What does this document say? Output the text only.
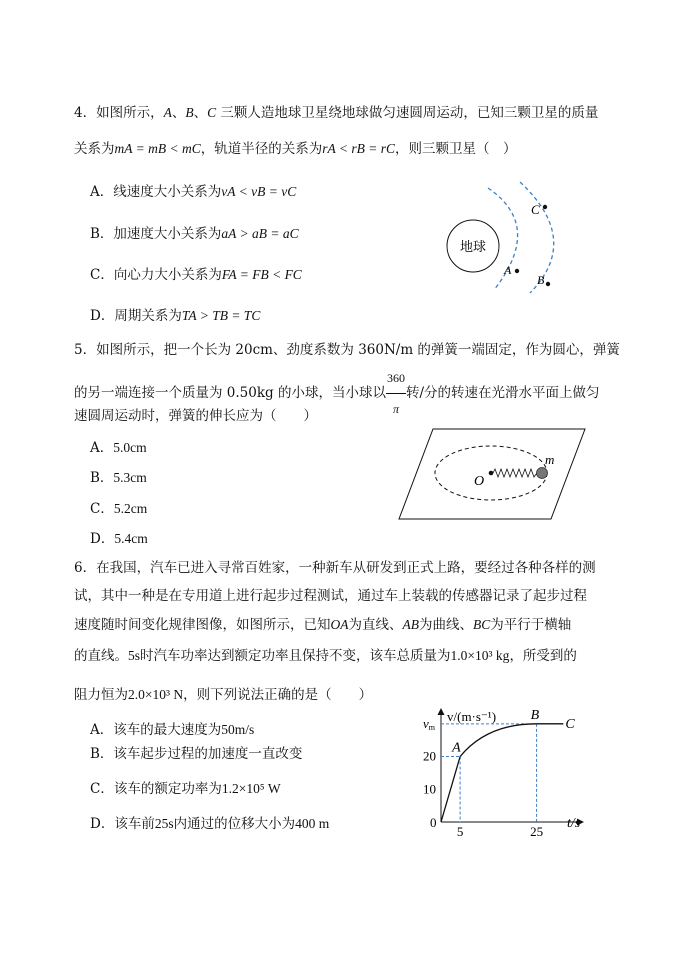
4．如图所示，A、B、C 三颗人造地球卫星绕地球做匀速圆周运动，已知三颗卫星的质量
关系为mA = mB < mC，轨道半径的关系为rA < rB = rC，则三颗卫星（　）
A．线速度大小关系为vA < vB = vC
B．加速度大小关系为aA > aB = aC
C．向心力大小关系为FA = FB < FC
D．周期关系为TA > TB = TC
地球
A
B
C
5．如图所示，把一个长为 20cm、劲度系数为 360N/m 的弹簧一端固定，作为圆心，弹簧
的另一端连接一个质量为 0.50kg 的小球，当小球以 $\frac{360}{\pi}$ 转/分的转速在光滑水平面上做匀
速圆周运动时，弹簧的伸长应为（　　）
A．5.0cm
B．5.3cm
C．5.2cm
D．5.4cm
O
m
6．在我国，汽车已进入寻常百姓家，一种新车从研发到正式上路，要经过各种各样的测
试，其中一种是在专用道上进行起步过程测试，通过车上装载的传感器记录了起步过程
速度随时间变化规律图像，如图所示，已知OA为直线、AB为曲线、BC为平行于横轴
的直线。5s时汽车功率达到额定功率且保持不变，该车总质量为1.0×10³ kg，所受到的
阻力恒为2.0×10³ N，则下列说法正确的是（　　）
A．该车的最大速度为50m/s
B．该车起步过程的加速度一直改变
C．该车的额定功率为1.2×10⁵ W
D．该车前25s内通过的位移大小为400 m
v/(m·s⁻¹)
t/s
A
B
C
5	25
0
10
20
vm
